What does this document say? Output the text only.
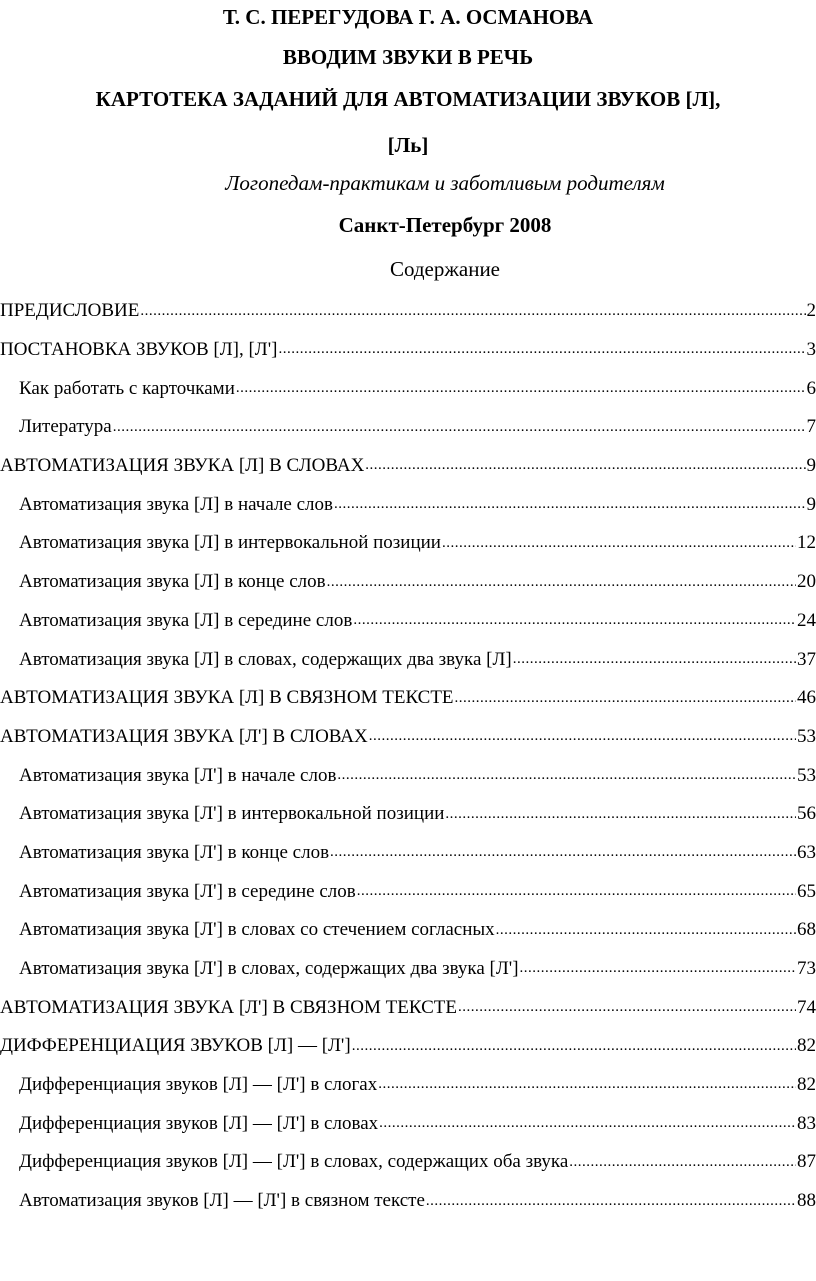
Т. С. ПЕРЕГУДОВА Г. А. ОСМАНОВА
ВВОДИМ ЗВУКИ В РЕЧЬ
КАРТОТЕКА ЗАДАНИЙ ДЛЯ АВТОМАТИЗАЦИИ ЗВУКОВ [Л],
[Ль]
Логопедам-практикам и заботливым родителям
Санкт-Петербург 2008
Содержание
ПРЕДИСЛОВИЕ .....	2
ПОСТАНОВКА ЗВУКОВ [Л], [Л'] .....	3
Как работать с карточками .....	6
Литература .....	7
АВТОМАТИЗАЦИЯ ЗВУКА [Л] В СЛОВАХ .....	9
Автоматизация звука [Л] в начале слов .....	9
Автоматизация звука [Л] в интервокальной позиции .....	12
Автоматизация звука [Л] в конце слов .....	20
Автоматизация звука [Л] в середине слов .....	24
Автоматизация звука [Л] в словах, содержащих два звука [Л] .....	37
АВТОМАТИЗАЦИЯ ЗВУКА [Л] В СВЯЗНОМ ТЕКСТЕ .....	46
АВТОМАТИЗАЦИЯ ЗВУКА [Л'] В СЛОВАХ .....	53
Автоматизация звука [Л'] в начале слов .....	53
Автоматизация звука [Л'] в интервокальной позиции .....	56
Автоматизация звука [Л'] в конце слов .....	63
Автоматизация звука [Л'] в середине слов .....	65
Автоматизация звука [Л'] в словах со стечением согласных .....	68
Автоматизация звука [Л'] в словах, содержащих два звука [Л'] .....	73
АВТОМАТИЗАЦИЯ ЗВУКА [Л'] В СВЯЗНОМ ТЕКСТЕ .....	74
ДИФФЕРЕНЦИАЦИЯ ЗВУКОВ [Л] — [Л'] .....	82
Дифференциация звуков [Л] — [Л'] в слогах .....	82
Дифференциация звуков [Л] — [Л'] в словах .....	83
Дифференциация звуков [Л] — [Л'] в словах, содержащих оба звука .....	87
Автоматизация звуков [Л] — [Л'] в связном тексте .....	88
